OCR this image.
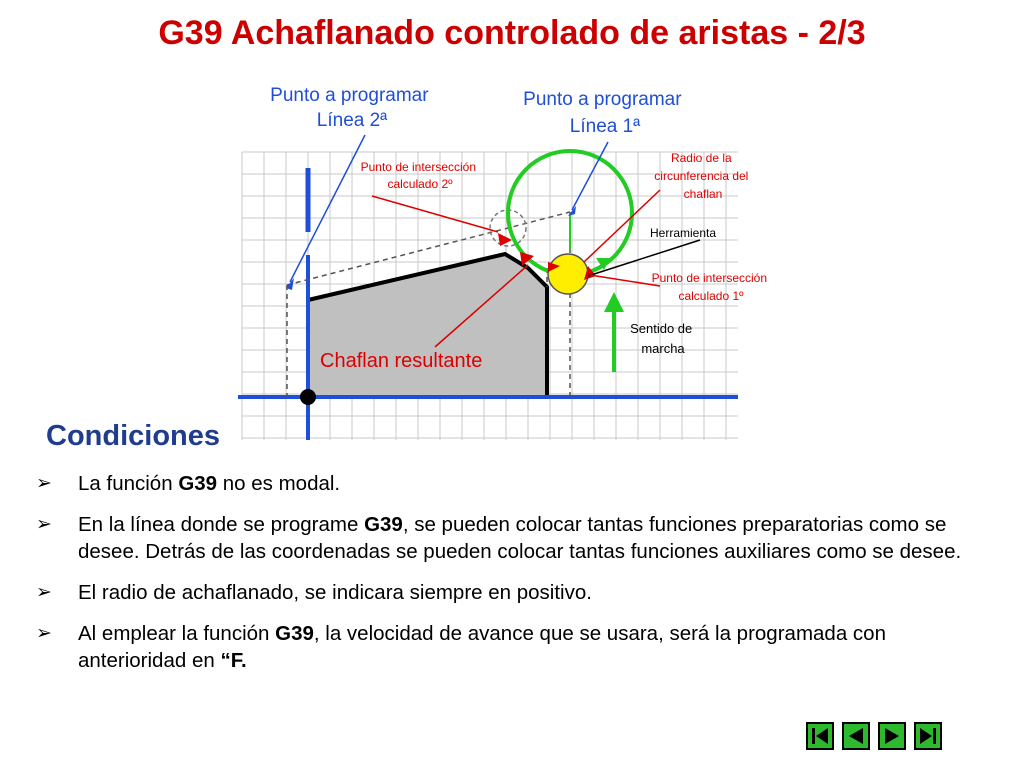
G39 Achaflanado controlado de aristas - 2/3
Punto a programar Línea 2ª
Punto a programar Línea 1ª
Punto de intersección calculado 2º
Radio de la circunferencia del chaflan
Herramienta
Punto de intersección calculado 1º
Sentido de marcha
Chaflan resultante
Condiciones
➢ La función G39 no es modal.
➢ En la línea donde se programe G39, se pueden colocar tantas funciones preparatorias como se desee. Detrás de las coordenadas se pueden colocar tantas funciones auxiliares como se desee.
➢ El radio de achaflanado, se indicara siempre en positivo.
➢ Al emplear la función G39, la velocidad de avance que se usara, será la programada con anterioridad en “F.
